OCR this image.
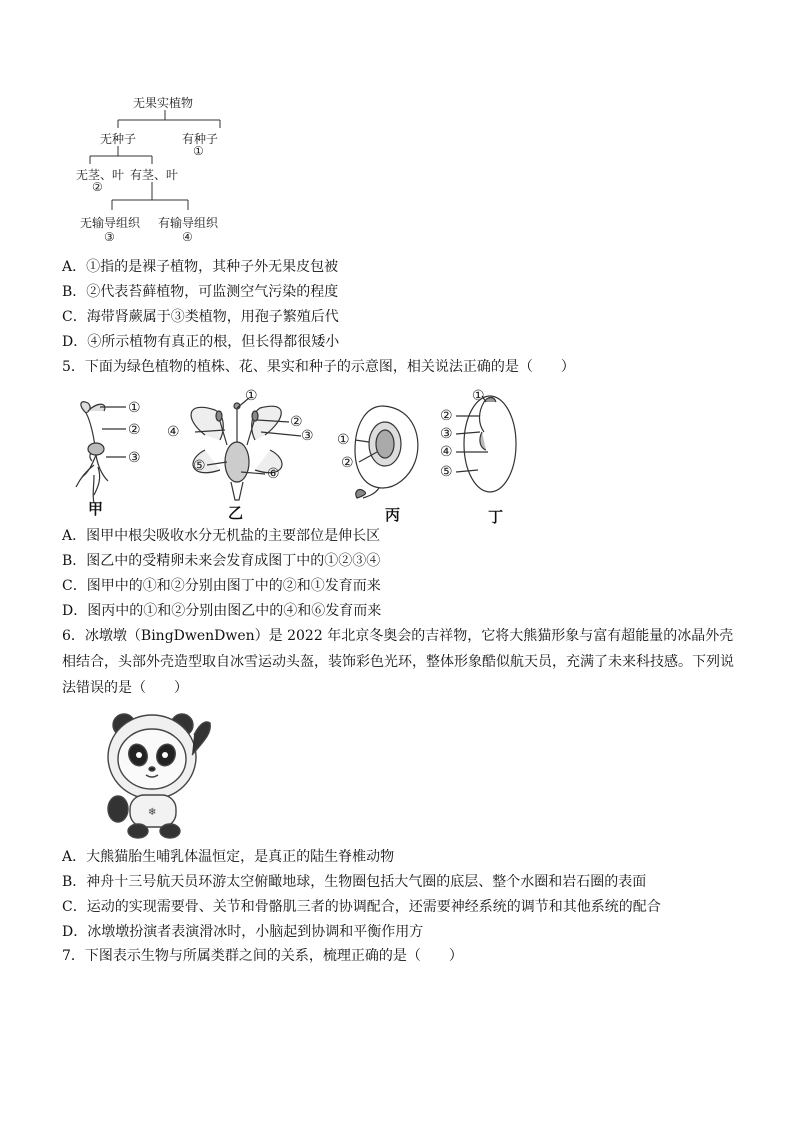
无果实植物
无种子	有种子
①
无茎、叶
②
有茎、叶
无输导组织
③
有输导组织
④
A．①指的是裸子植物，其种子外无果皮包被
B．②代表苔藓植物，可监测空气污染的程度
C．海带肾蕨属于③类植物，用孢子繁殖后代
D．④所示植物有真正的根，但长得都很矮小
5．下面为绿色植物的植株、花、果实和种子的示意图，相关说法正确的是（　　）
①
②
③
甲
①
②
③
④
⑤	⑥
乙
①
②
丙
①
②
③
④
⑤
丁
A．图甲中根尖吸收水分无机盐的主要部位是伸长区
B．图乙中的受精卵未来会发育成图丁中的①②③④
C．图甲中的①和②分别由图丁中的②和①发育而来
D．图丙中的①和②分别由图乙中的④和⑥发育而来
6．冰墩墩（BingDwenDwen）是 2022 年北京冬奥会的吉祥物，它将大熊猫形象与富有超能量的冰晶外壳相结合，头部外壳造型取自冰雪运动头盔，装饰彩色光环，整体形象酷似航天员，充满了未来科技感。下列说法错误的是（　　）
❄
A．大熊猫胎生哺乳体温恒定，是真正的陆生脊椎动物
B．神舟十三号航天员环游太空俯瞰地球，生物圈包括大气圈的底层、整个水圈和岩石圈的表面
C．运动的实现需要骨、关节和骨骼肌三者的协调配合，还需要神经系统的调节和其他系统的配合
D．冰墩墩扮演者表演滑冰时，小脑起到协调和平衡作用方
7．下图表示生物与所属类群之间的关系，梳理正确的是（　　）
